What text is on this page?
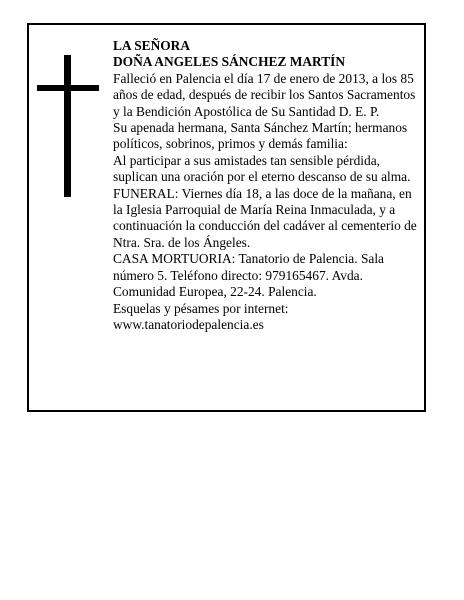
LA SEÑORA

DOÑA ANGELES SÁNCHEZ MARTÍN

Falleció en Palencia el día 17 de enero de 2013, a los 85 años de edad, después de recibir los Santos Sacramentos y la Bendición Apostólica de Su Santidad D. E. P.

Su apenada hermana, Santa Sánchez Martín; hermanos políticos, sobrinos, primos y demás familia:

Al participar a sus amistades tan sensible pérdida, suplican una oración por el eterno descanso de su alma.

FUNERAL: Viernes día 18, a las doce de la mañana, en la Iglesia Parroquial de María Reina Inmaculada, y a continuación la conducción del cadáver al cementerio de Ntra. Sra. de los Ángeles.

CASA MORTUORIA: Tanatorio de Palencia. Sala número 5. Teléfono directo: 979165467. Avda. Comunidad Europea, 22-24. Palencia.

Esquelas y pésames por internet:

www.tanatoriodepalencia.es
